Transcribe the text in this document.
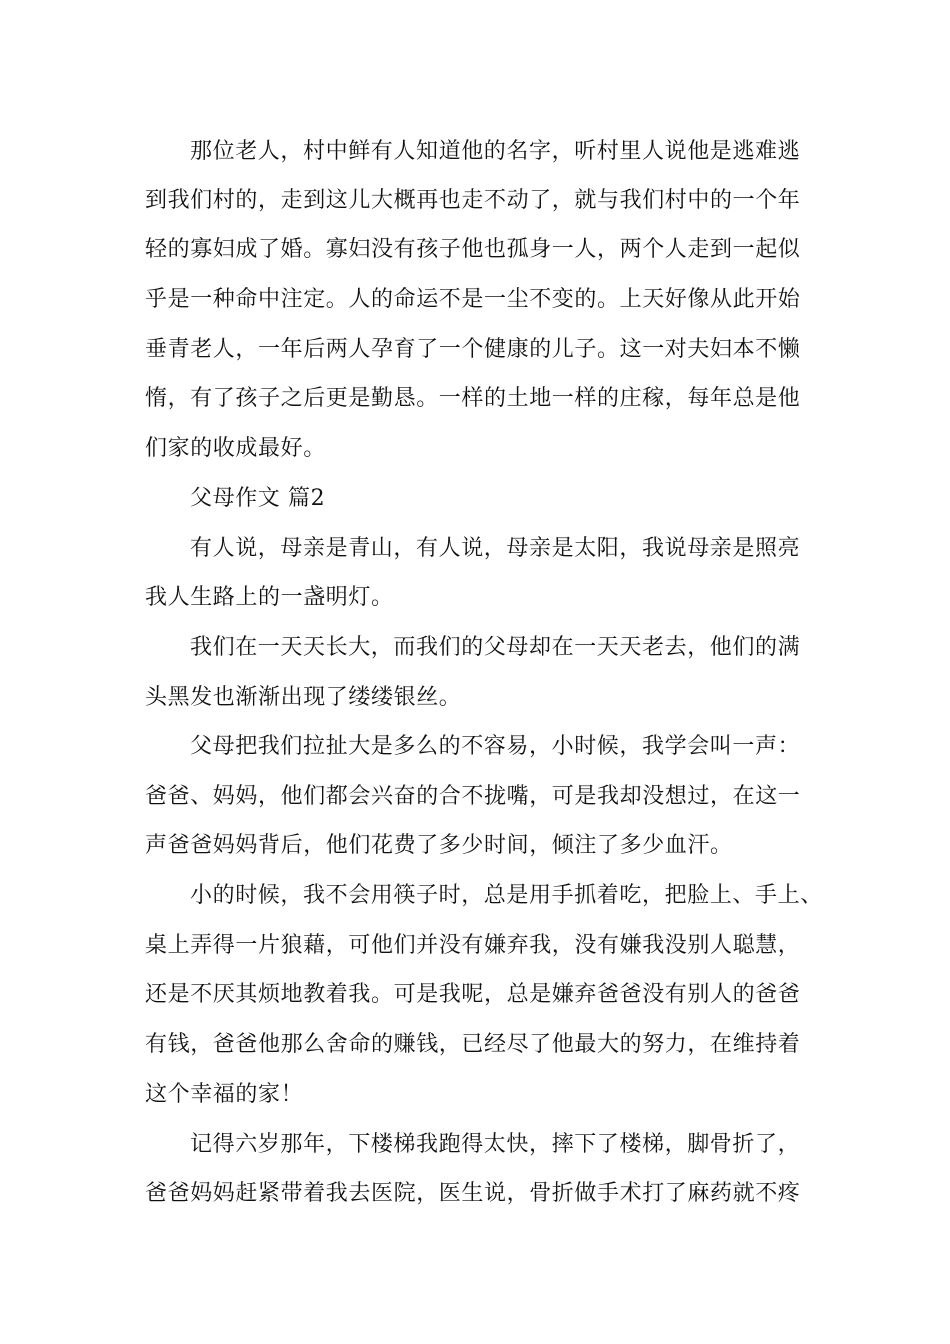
那位老人，村中鲜有人知道他的名字，听村里人说他是逃难逃

到我们村的，走到这儿大概再也走不动了，就与我们村中的一个年

轻的寡妇成了婚。寡妇没有孩子他也孤身一人，两个人走到一起似

乎是一种命中注定。人的命运不是一尘不变的。上天好像从此开始

垂青老人，一年后两人孕育了一个健康的儿子。这一对夫妇本不懒

惰，有了孩子之后更是勤恳。一样的土地一样的庄稼，每年总是他

们家的收成最好。

父母作文 篇2

有人说，母亲是青山，有人说，母亲是太阳，我说母亲是照亮

我人生路上的一盏明灯。

我们在一天天长大，而我们的父母却在一天天老去，他们的满

头黑发也渐渐出现了缕缕银丝。

父母把我们拉扯大是多么的不容易，小时候，我学会叫一声：

爸爸、妈妈，他们都会兴奋的合不拢嘴，可是我却没想过，在这一

声爸爸妈妈背后，他们花费了多少时间，倾注了多少血汗。

小的时候，我不会用筷子时，总是用手抓着吃，把脸上、手上、

桌上弄得一片狼藉，可他们并没有嫌弃我，没有嫌我没别人聪慧，

还是不厌其烦地教着我。可是我呢，总是嫌弃爸爸没有别人的爸爸

有钱，爸爸他那么舍命的赚钱，已经尽了他最大的努力，在维持着

这个幸福的家！

记得六岁那年，下楼梯我跑得太快，摔下了楼梯，脚骨折了，

爸爸妈妈赶紧带着我去医院，医生说，骨折做手术打了麻药就不疼
